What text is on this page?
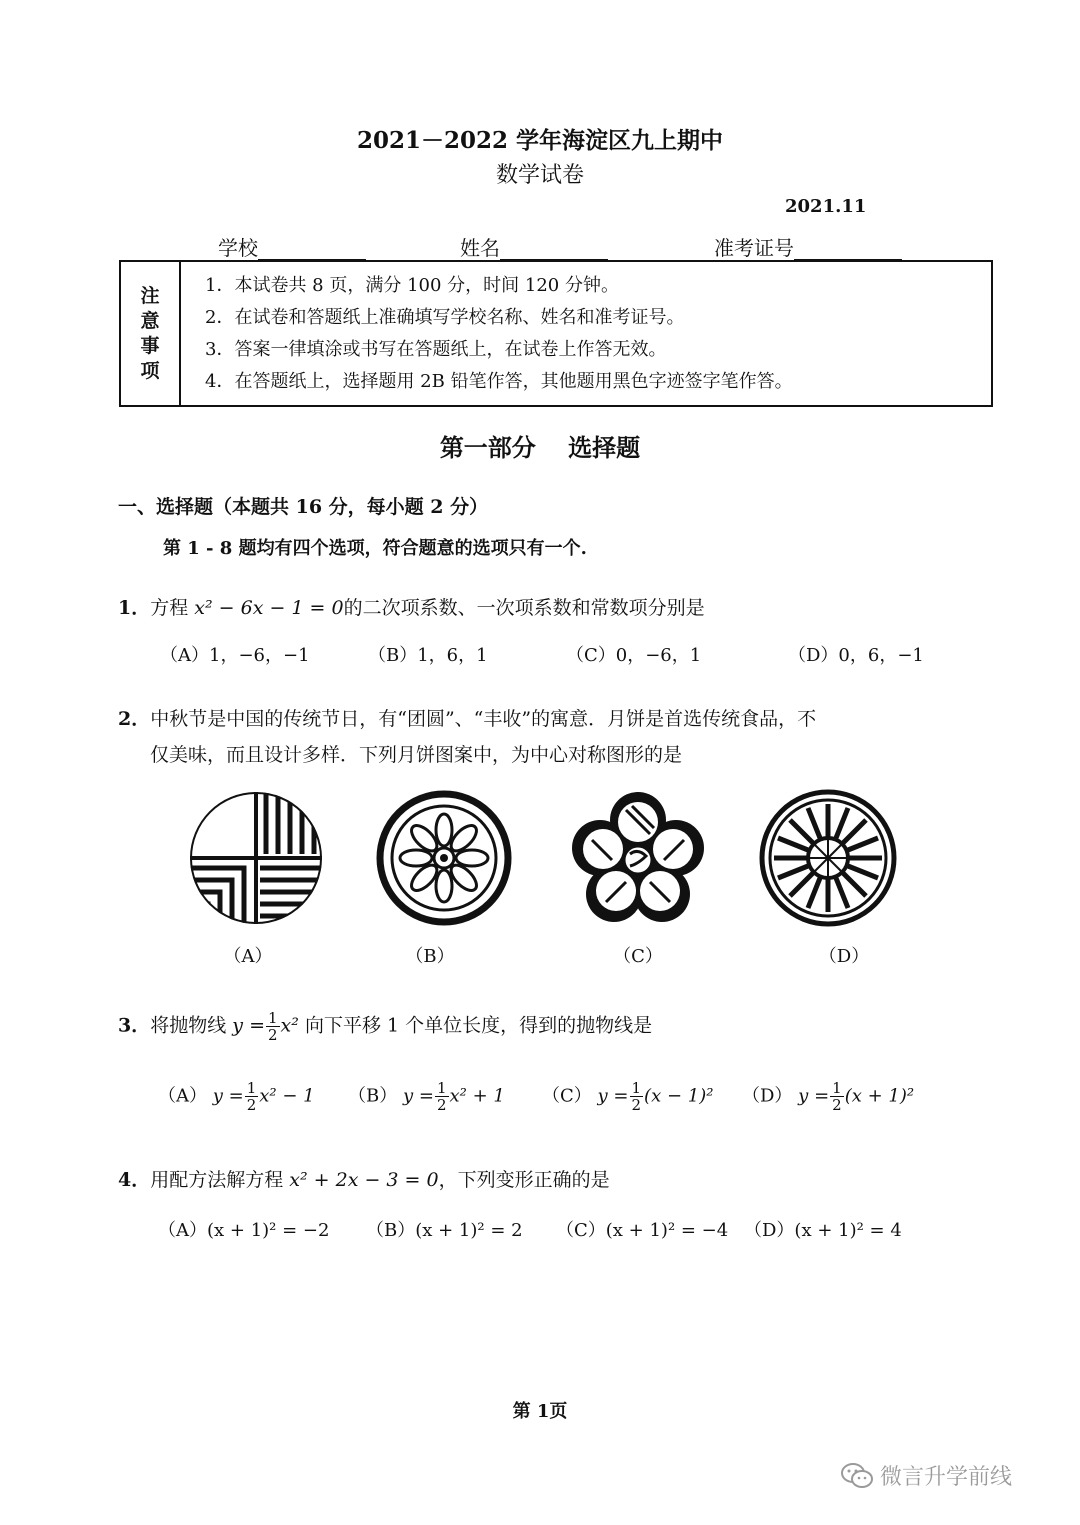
2021－2022 学年海淀区九上期中
数学试卷
2021.11
学校	姓名	准考证号
注
意
事
项
1．本试卷共 8 页，满分 100 分，时间 120 分钟。
2．在试卷和答题纸上准确填写学校名称、姓名和准考证号。
3．答案一律填涂或书写在答题纸上，在试卷上作答无效。
4．在答题纸上，选择题用 2B 铅笔作答，其他题用黑色字迹签字笔作答。
第一部分　 选择题
一、选择题（本题共 16 分，每小题 2 分）
第 1 - 8 题均有四个选项，符合题意的选项只有一个.
1．方程 x² − 6x − 1 = 0的二次项系数、一次项系数和常数项分别是
（A）1，−6，−1	（B）1，6，1	（C）0，−6，1	（D）0，6，−1
2．中秋节是中国的传统节日，有“团圆”、“丰收”的寓意．月饼是首选传统食品，不
仅美味，而且设计多样．下列月饼图案中，为中心对称图形的是
（A）	（B）	（C）	（D）
3．将抛物线 $y = \frac{1}{2} x^2$ 向下平移 1 个单位长度，得到的抛物线是
（A） $y = \frac{1}{2} x^2 - 1$ （B） $y = \frac{1}{2} x^2 + 1$ （C） $y = \frac{1}{2} (x - 1)^2$ （D） $y = \frac{1}{2} (x + 1)^2$
4．用配方法解方程 x² + 2x − 3 = 0，下列变形正确的是
（A）(x + 1)² = −2 （B）(x + 1)² = 2 （C）(x + 1)² = −4 （D）(x + 1)² = 4
第 1页
微言升学前线
